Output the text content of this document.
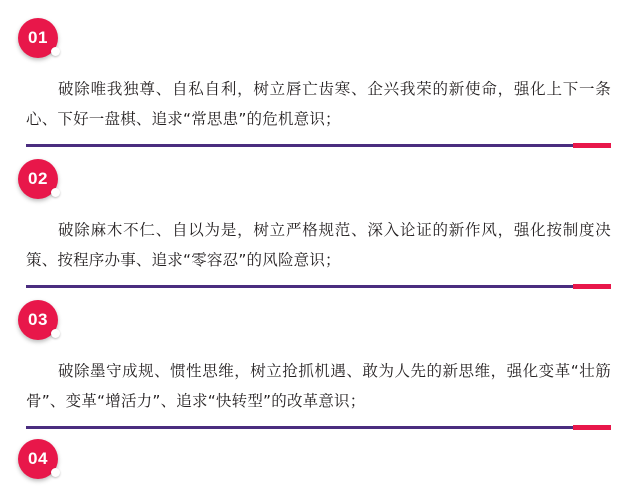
01

破除唯我独尊、自私自利，树立唇亡齿寒、企兴我荣的新使命，强化上下一条心、下好一盘棋、追求“常思患”的危机意识；

02

破除麻木不仁、自以为是，树立严格规范、深入论证的新作风，强化按制度决策、按程序办事、追求“零容忍”的风险意识；

03

破除墨守成规、惯性思维，树立抢抓机遇、敢为人先的新思维，强化变革“壮筋骨”、变革“增活力”、追求“快转型”的改革意识；

04
